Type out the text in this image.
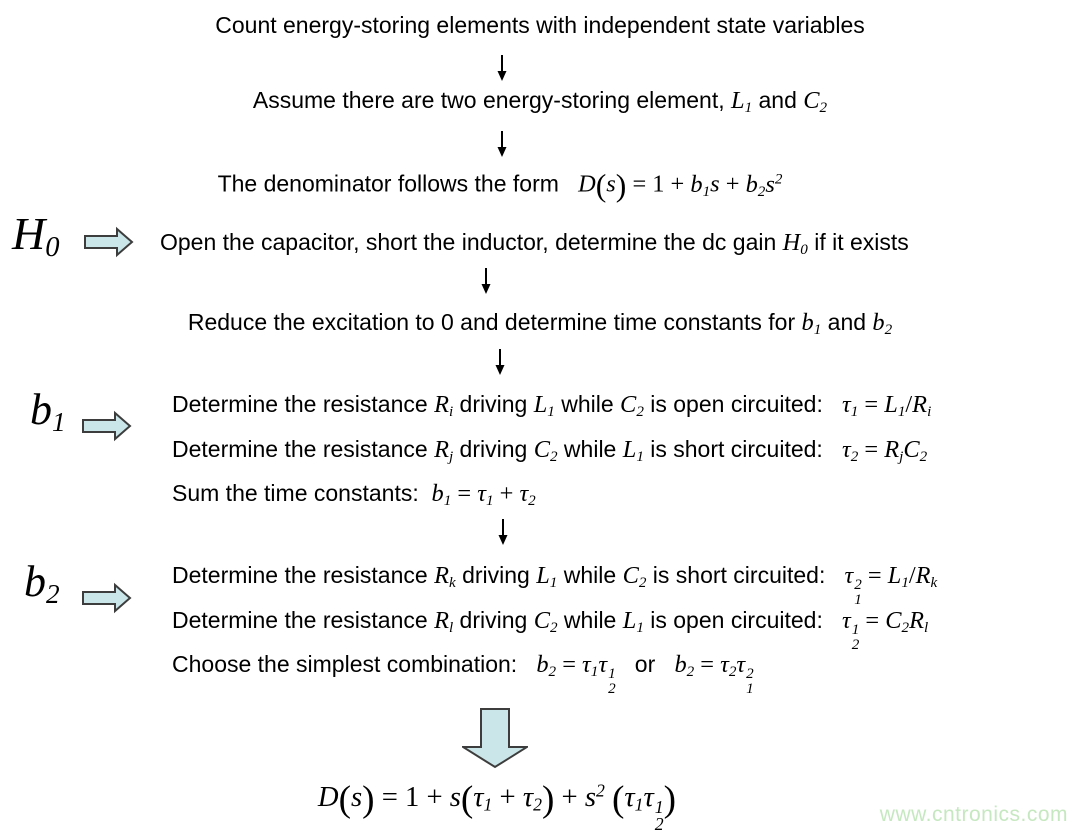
Count energy-storing elements with independent state variables
Assume there are two energy-storing element, $L_1$ and $C_2$
The denominator follows the form   $D(s) = 1 + b_1s + b_2s^2$
$H_0$	Open the capacitor, short the inductor, determine the dc gain $H_0$ if it exists
Reduce the excitation to 0 and determine time constants for $b_1$ and $b_2$
$b_1$
Determine the resistance $R_i$ driving $L_1$ while $C_2$ is open circuited:   $\tau_1 = L_1/R_i$
Determine the resistance $R_j$ driving $C_2$ while $L_1$ is short circuited:   $\tau_2 = R_jC_2$
Sum the time constants:  $b_1 = \tau_1 + \tau_2$
$b_2$
Determine the resistance $R_k$ driving $L_1$ while $C_2$ is short circuited:   τ 2
1
= $L_1/R_k$
Determine the resistance $R_l$ driving $C_2$ while $L_1$ is open circuited:   τ 1
2
= $C_2R_l$
Choose the simplest combination:   $b_2 = \tau_1\tau$ 1
2
or   $b_2 = \tau_2\tau$ 2
1
$D(s) = 1 + s(\tau_1 + \tau_2) + s^2$ ($\tau_1\tau$ 1
2
)	www.cntronics.com
